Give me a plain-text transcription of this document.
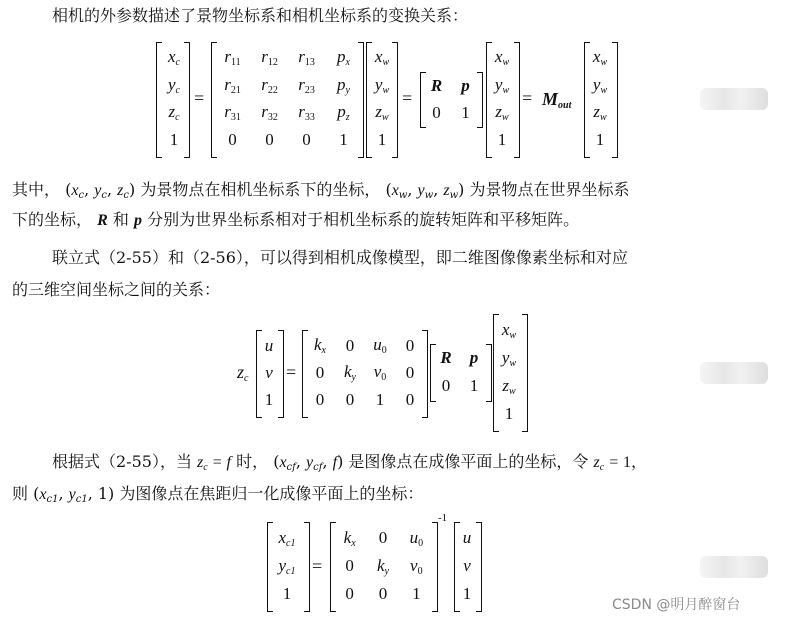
相机的外参数描述了景物坐标系和相机坐标系的变换关系：
$x_c$
$y_c$
$z_c$
1
=
$r_{11}$ $r_{12}$ $r_{13}$ $p_x$
$r_{21}$ $r_{22}$ $r_{23}$ $p_y$
$r_{31}$ $r_{32}$ $r_{33}$ $p_z$
0 0 0 1
$x_w$
$y_w$
$z_w$
1
=
R p
0 1
$x_w$
$y_w$
$z_w$
1
= $M_{out}$
$x_w$
$y_w$
$z_w$
1
其中， ($x_c$, $y_c$, $z_c$) 为景物点在相机坐标系下的坐标， ($x_w$, $y_w$, $z_w$) 为景物点在世界坐标系
下的坐标， R 和 p 分别为世界坐标系相对于相机坐标系的旋转矩阵和平移矩阵。
联立式（2-55）和（2-56），可以得到相机成像模型，即二维图像像素坐标和对应
的三维空间坐标之间的关系：
$z_c$
u
v
1
=
$k_x$ 0 $u_0$ 0
0 $k_y$ $v_0$ 0
0 0 1 0
R p
0 1
$x_w$
$y_w$
$z_w$
1
根据式（2-55），当 $z_c = f$ 时， ($x_{cf}$, $y_{cf}$, f) 是图像点在成像平面上的坐标，令 $z_c = 1$，
则 ($x_{c1}$, $y_{c1}$, 1) 为图像点在焦距归一化成像平面上的坐标：
$x_{c1}$
$y_{c1}$
1
=
$k_x$ 0 $u_0$
0 $k_y$ $v_0$
0 0 1
-1
u
v
1
CSDN @明月醉窗台
